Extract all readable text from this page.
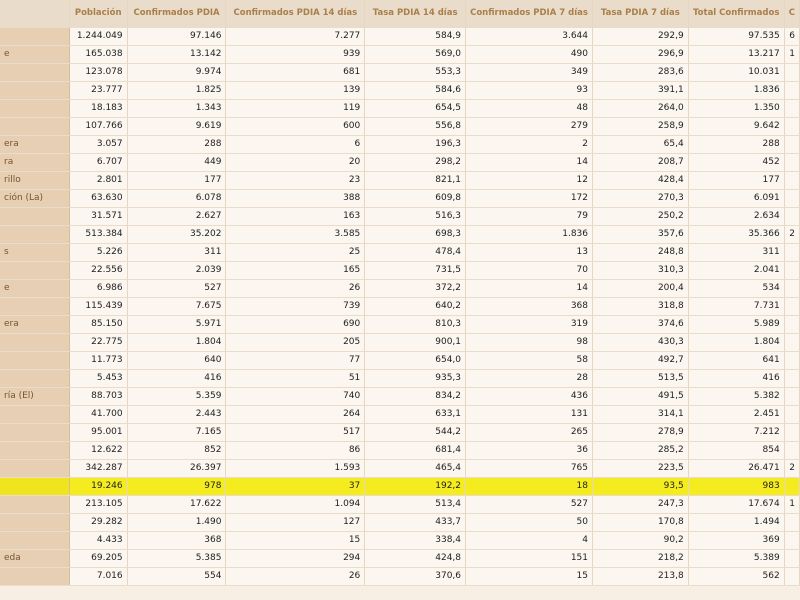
	Población	Confirmados PDIA	Confirmados PDIA 14 días	Tasa PDIA 14 días	Confirmados PDIA 7 días	Tasa PDIA 7 días	Total Confirmados	C
	1.244.049	97.146	7.277	584,9	3.644	292,9	97.535	6
e	165.038	13.142	939	569,0	490	296,9	13.217	1
	123.078	9.974	681	553,3	349	283,6	10.031	
	23.777	1.825	139	584,6	93	391,1	1.836	
	18.183	1.343	119	654,5	48	264,0	1.350	
	107.766	9.619	600	556,8	279	258,9	9.642	
era	3.057	288	6	196,3	2	65,4	288	
ra	6.707	449	20	298,2	14	208,7	452	
rillo	2.801	177	23	821,1	12	428,4	177	
ción (La)	63.630	6.078	388	609,8	172	270,3	6.091	
	31.571	2.627	163	516,3	79	250,2	2.634	
	513.384	35.202	3.585	698,3	1.836	357,6	35.366	2
s	5.226	311	25	478,4	13	248,8	311	
	22.556	2.039	165	731,5	70	310,3	2.041	
e	6.986	527	26	372,2	14	200,4	534	
	115.439	7.675	739	640,2	368	318,8	7.731	
era	85.150	5.971	690	810,3	319	374,6	5.989	
	22.775	1.804	205	900,1	98	430,3	1.804	
	11.773	640	77	654,0	58	492,7	641	
	5.453	416	51	935,3	28	513,5	416	
ría (El)	88.703	5.359	740	834,2	436	491,5	5.382	
	41.700	2.443	264	633,1	131	314,1	2.451	
	95.001	7.165	517	544,2	265	278,9	7.212	
	12.622	852	86	681,4	36	285,2	854	
	342.287	26.397	1.593	465,4	765	223,5	26.471	2
	19.246	978	37	192,2	18	93,5	983	
	213.105	17.622	1.094	513,4	527	247,3	17.674	1
	29.282	1.490	127	433,7	50	170,8	1.494	
	4.433	368	15	338,4	4	90,2	369	
eda	69.205	5.385	294	424,8	151	218,2	5.389	
	7.016	554	26	370,6	15	213,8	562	
